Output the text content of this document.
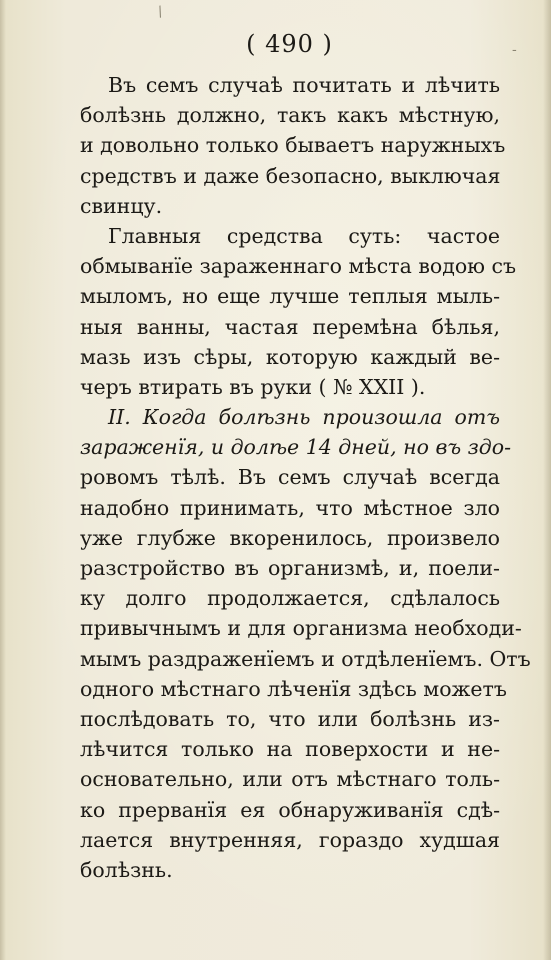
( 490 )
Въ семъ случаѣ почитать и лѣчить
болѣзнь должно, такъ какъ мѣстную,
и довольно только бываетъ наружныхъ
средствъ и даже безопасно, выключая
свинцу.
Главныя средства суть: частое
обмыванїе зараженнаго мѣста водою съ
мыломъ, но еще лучше теплыя мыль-
ныя ванны, частая перемѣна бѣлья,
мазь изъ сѣры, которую каждый ве-
черъ втирать въ руки ( № XXII ).
II. Когда болѣзнь произошла отъ
зараженїя, и долѣе 14 дней, но въ здо-
ровомъ тѣлѣ. Въ семъ случаѣ всегда
надобно принимать, что мѣстное зло
уже глубже вкоренилось, произвело
разстройство въ организмѣ, и, поели-
ку долго продолжается, сдѣлалось
привычнымъ и для организма необходи-
мымъ раздраженїемъ и отдѣленїемъ. Отъ
одного мѣстнаго лѣченїя здѣсь можетъ
послѣдовать то, что или болѣзнь из-
лѣчится только на поверхости и не-
основательно, или отъ мѣстнаго толь-
ко прерванїя ея обнаруживанїя сдѣ-
лается внутренняя, гораздо худшая
болѣзнь.
/
-
